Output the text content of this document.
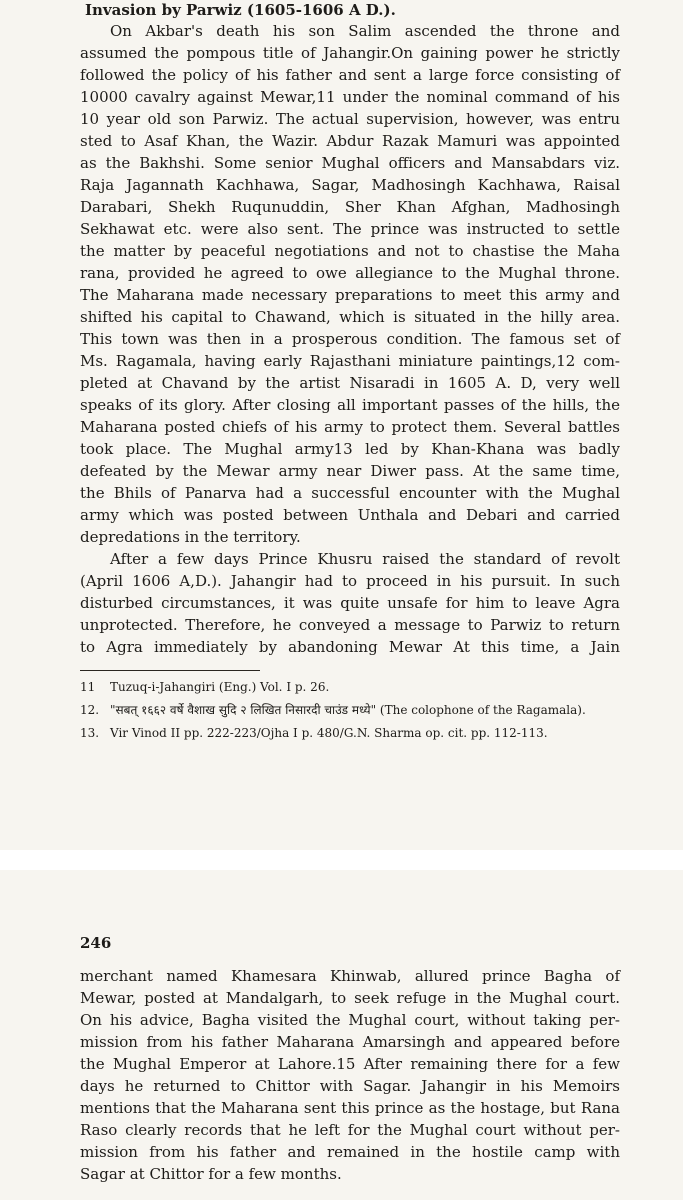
Invasion by Parwiz (1605-1606 A D.).
On Akbar's death his son Salim ascended the throne and
assumed the pompous title of Jahangir.On gaining power he strictly
followed the policy of his father and sent a large force consisting of
10000 cavalry against Mewar,11 under the nominal command of his
10 year old son Parwiz. The actual supervision, however, was entru
sted to Asaf Khan, the Wazir. Abdur Razak Mamuri was appointed
as the Bakhshi. Some senior Mughal officers and Mansabdars viz.
Raja Jagannath Kachhawa, Sagar, Madhosingh Kachhawa, Raisal
Darabari, Shekh Ruqunuddin, Sher Khan Afghan, Madhosingh
Sekhawat etc. were also sent. The prince was instructed to settle
the matter by peaceful negotiations and not to chastise the Maha
rana, provided he agreed to owe allegiance to the Mughal throne.
The Maharana made necessary preparations to meet this army and
shifted his capital to Chawand, which is situated in the hilly area.
This town was then in a prosperous condition. The famous set of
Ms. Ragamala, having early Rajasthani miniature paintings,12 com-
pleted at Chavand by the artist Nisaradi in 1605 A. D, very well
speaks of its glory. After closing all important passes of the hills, the
Maharana posted chiefs of his army to protect them. Several battles
took place. The Mughal army13 led by Khan-Khana was badly
defeated by the Mewar army near Diwer pass. At the same time,
the Bhils of Panarva had a successful encounter with the Mughal
army which was posted between Unthala and Debari and carried
depredations in the territory.
After a few days Prince Khusru raised the standard of revolt
(April 1606 A,D.). Jahangir had to proceed in his pursuit. In such
disturbed circumstances, it was quite unsafe for him to leave Agra
unprotected. Therefore, he conveyed a message to Parwiz to return
to Agra immediately by abandoning Mewar At this time, a Jain
11	Tuzuq-i-Jahangiri (Eng.) Vol. I p. 26.
12. "सबत् १६६२ वर्षे वैशाख सुदि २ लिखित निसारदी चाउंड मध्ये" (The colophone of the Ragamala).
13. Vir Vinod II pp. 222-223/Ojha I p. 480/G.N. Sharma op. cit. pp. 112-113.
246
merchant named Khamesara Khinwab, allured prince Bagha of
Mewar, posted at Mandalgarh, to seek refuge in the Mughal court.
On his advice, Bagha visited the Mughal court, without taking per-
mission from his father Maharana Amarsingh and appeared before
the Mughal Emperor at Lahore.15 After remaining there for a few
days he returned to Chittor with Sagar. Jahangir in his Memoirs
mentions that the Maharana sent this prince as the hostage, but Rana
Raso clearly records that he left for the Mughal court without per-
mission from his father and remained in the hostile camp with
Sagar at Chittor for a few months.
